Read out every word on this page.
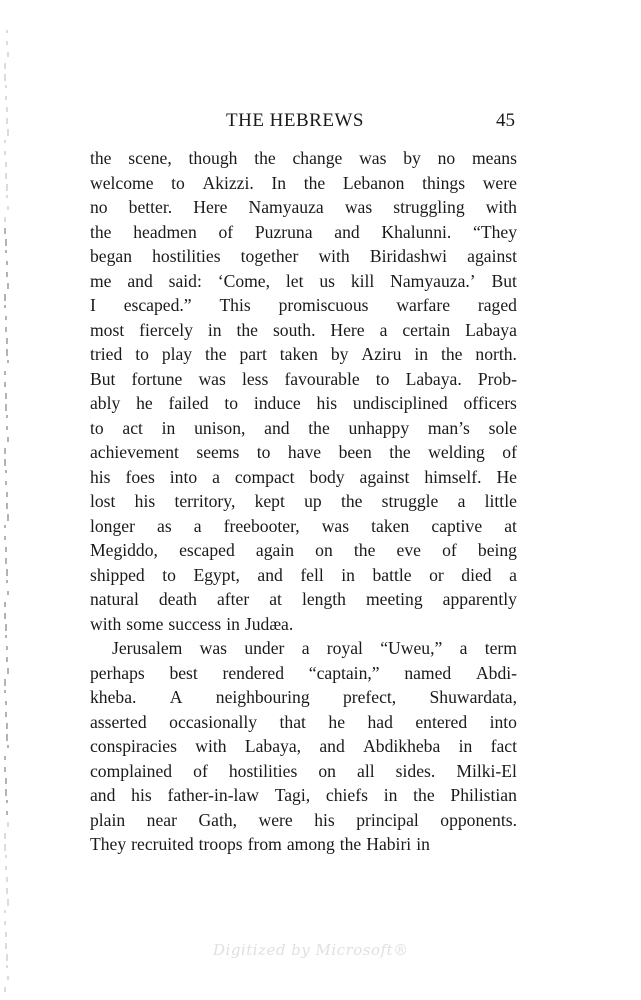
THE HEBREWS	45
the scene, though the change was by no means
welcome to Akizzi. In the Lebanon things were
no better. Here Namyauza was struggling with
the headmen of Puzruna and Khalunni. “They
began hostilities together with Biridashwi against
me and said: ‘Come, let us kill Namyauza.’ But
I escaped.” This promiscuous warfare raged
most fiercely in the south. Here a certain Labaya
tried to play the part taken by Aziru in the north.
But fortune was less favourable to Labaya. Prob-
ably he failed to induce his undisciplined officers
to act in unison, and the unhappy man’s sole
achievement seems to have been the welding of
his foes into a compact body against himself. He
lost his territory, kept up the struggle a little
longer as a freebooter, was taken captive at
Megiddo, escaped again on the eve of being
shipped to Egypt, and fell in battle or died a
natural death after at length meeting apparently
with some success in Judæa.
Jerusalem was under a royal “Uweu,” a term
perhaps best rendered “captain,” named Abdi-
kheba. A neighbouring prefect, Shuwardata,
asserted occasionally that he had entered into
conspiracies with Labaya, and Abdikheba in fact
complained of hostilities on all sides. Milki-El
and his father-in-law Tagi, chiefs in the Philistian
plain near Gath, were his principal opponents.
They recruited troops from among the Habiri in
Digitized by Microsoft®
